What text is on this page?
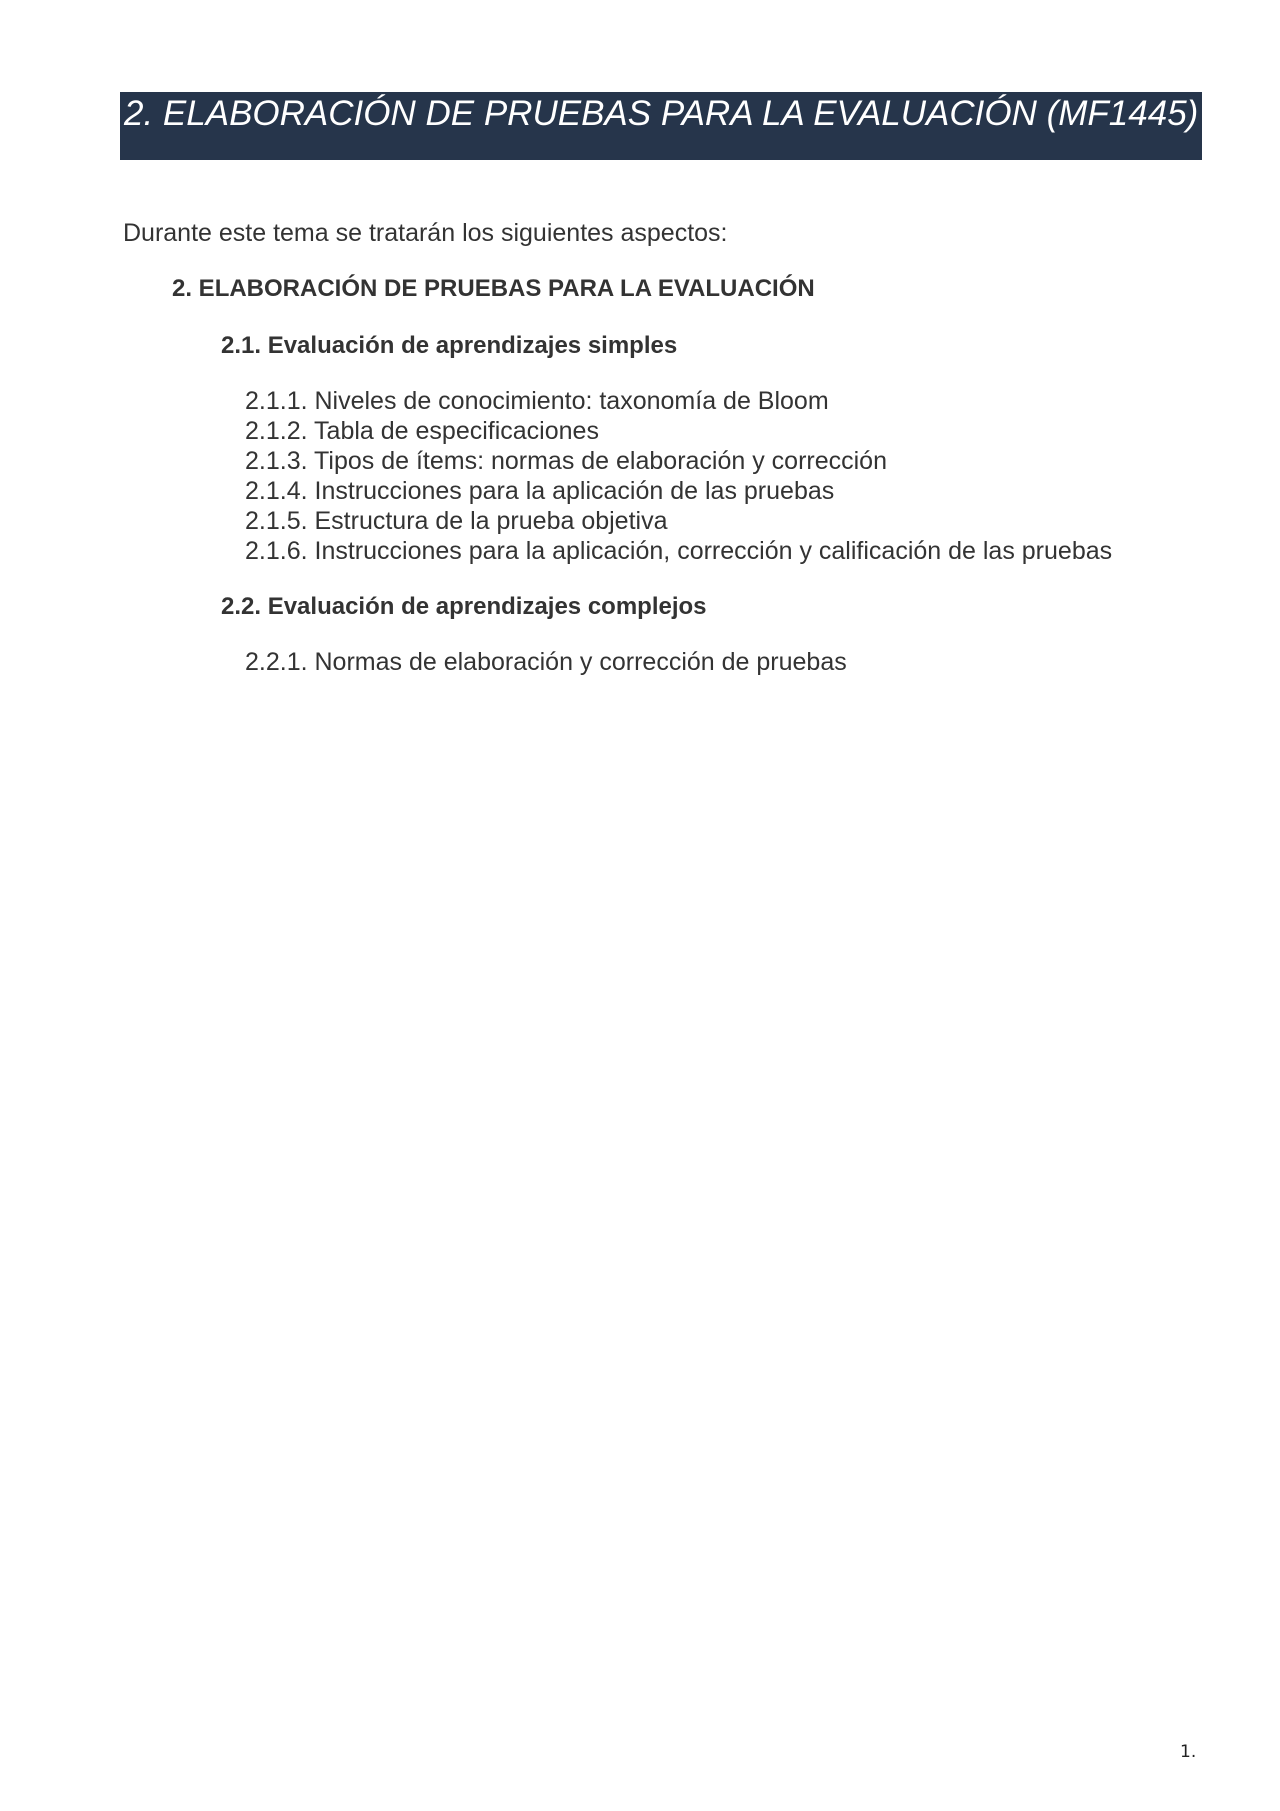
2. ELABORACIÓN DE PRUEBAS PARA LA EVALUACIÓN (MF1445)

Durante este tema se tratarán los siguientes aspectos:

2. ELABORACIÓN DE PRUEBAS PARA LA EVALUACIÓN
2.1. Evaluación de aprendizajes simples
2.1.1. Niveles de conocimiento: taxonomía de Bloom
2.1.2. Tabla de especificaciones
2.1.3. Tipos de ítems: normas de elaboración y corrección
2.1.4. Instrucciones para la aplicación de las pruebas
2.1.5. Estructura de la prueba objetiva
2.1.6. Instrucciones para la aplicación, corrección y calificación de las pruebas
2.2. Evaluación de aprendizajes complejos
2.2.1. Normas de elaboración y corrección de pruebas

1.
